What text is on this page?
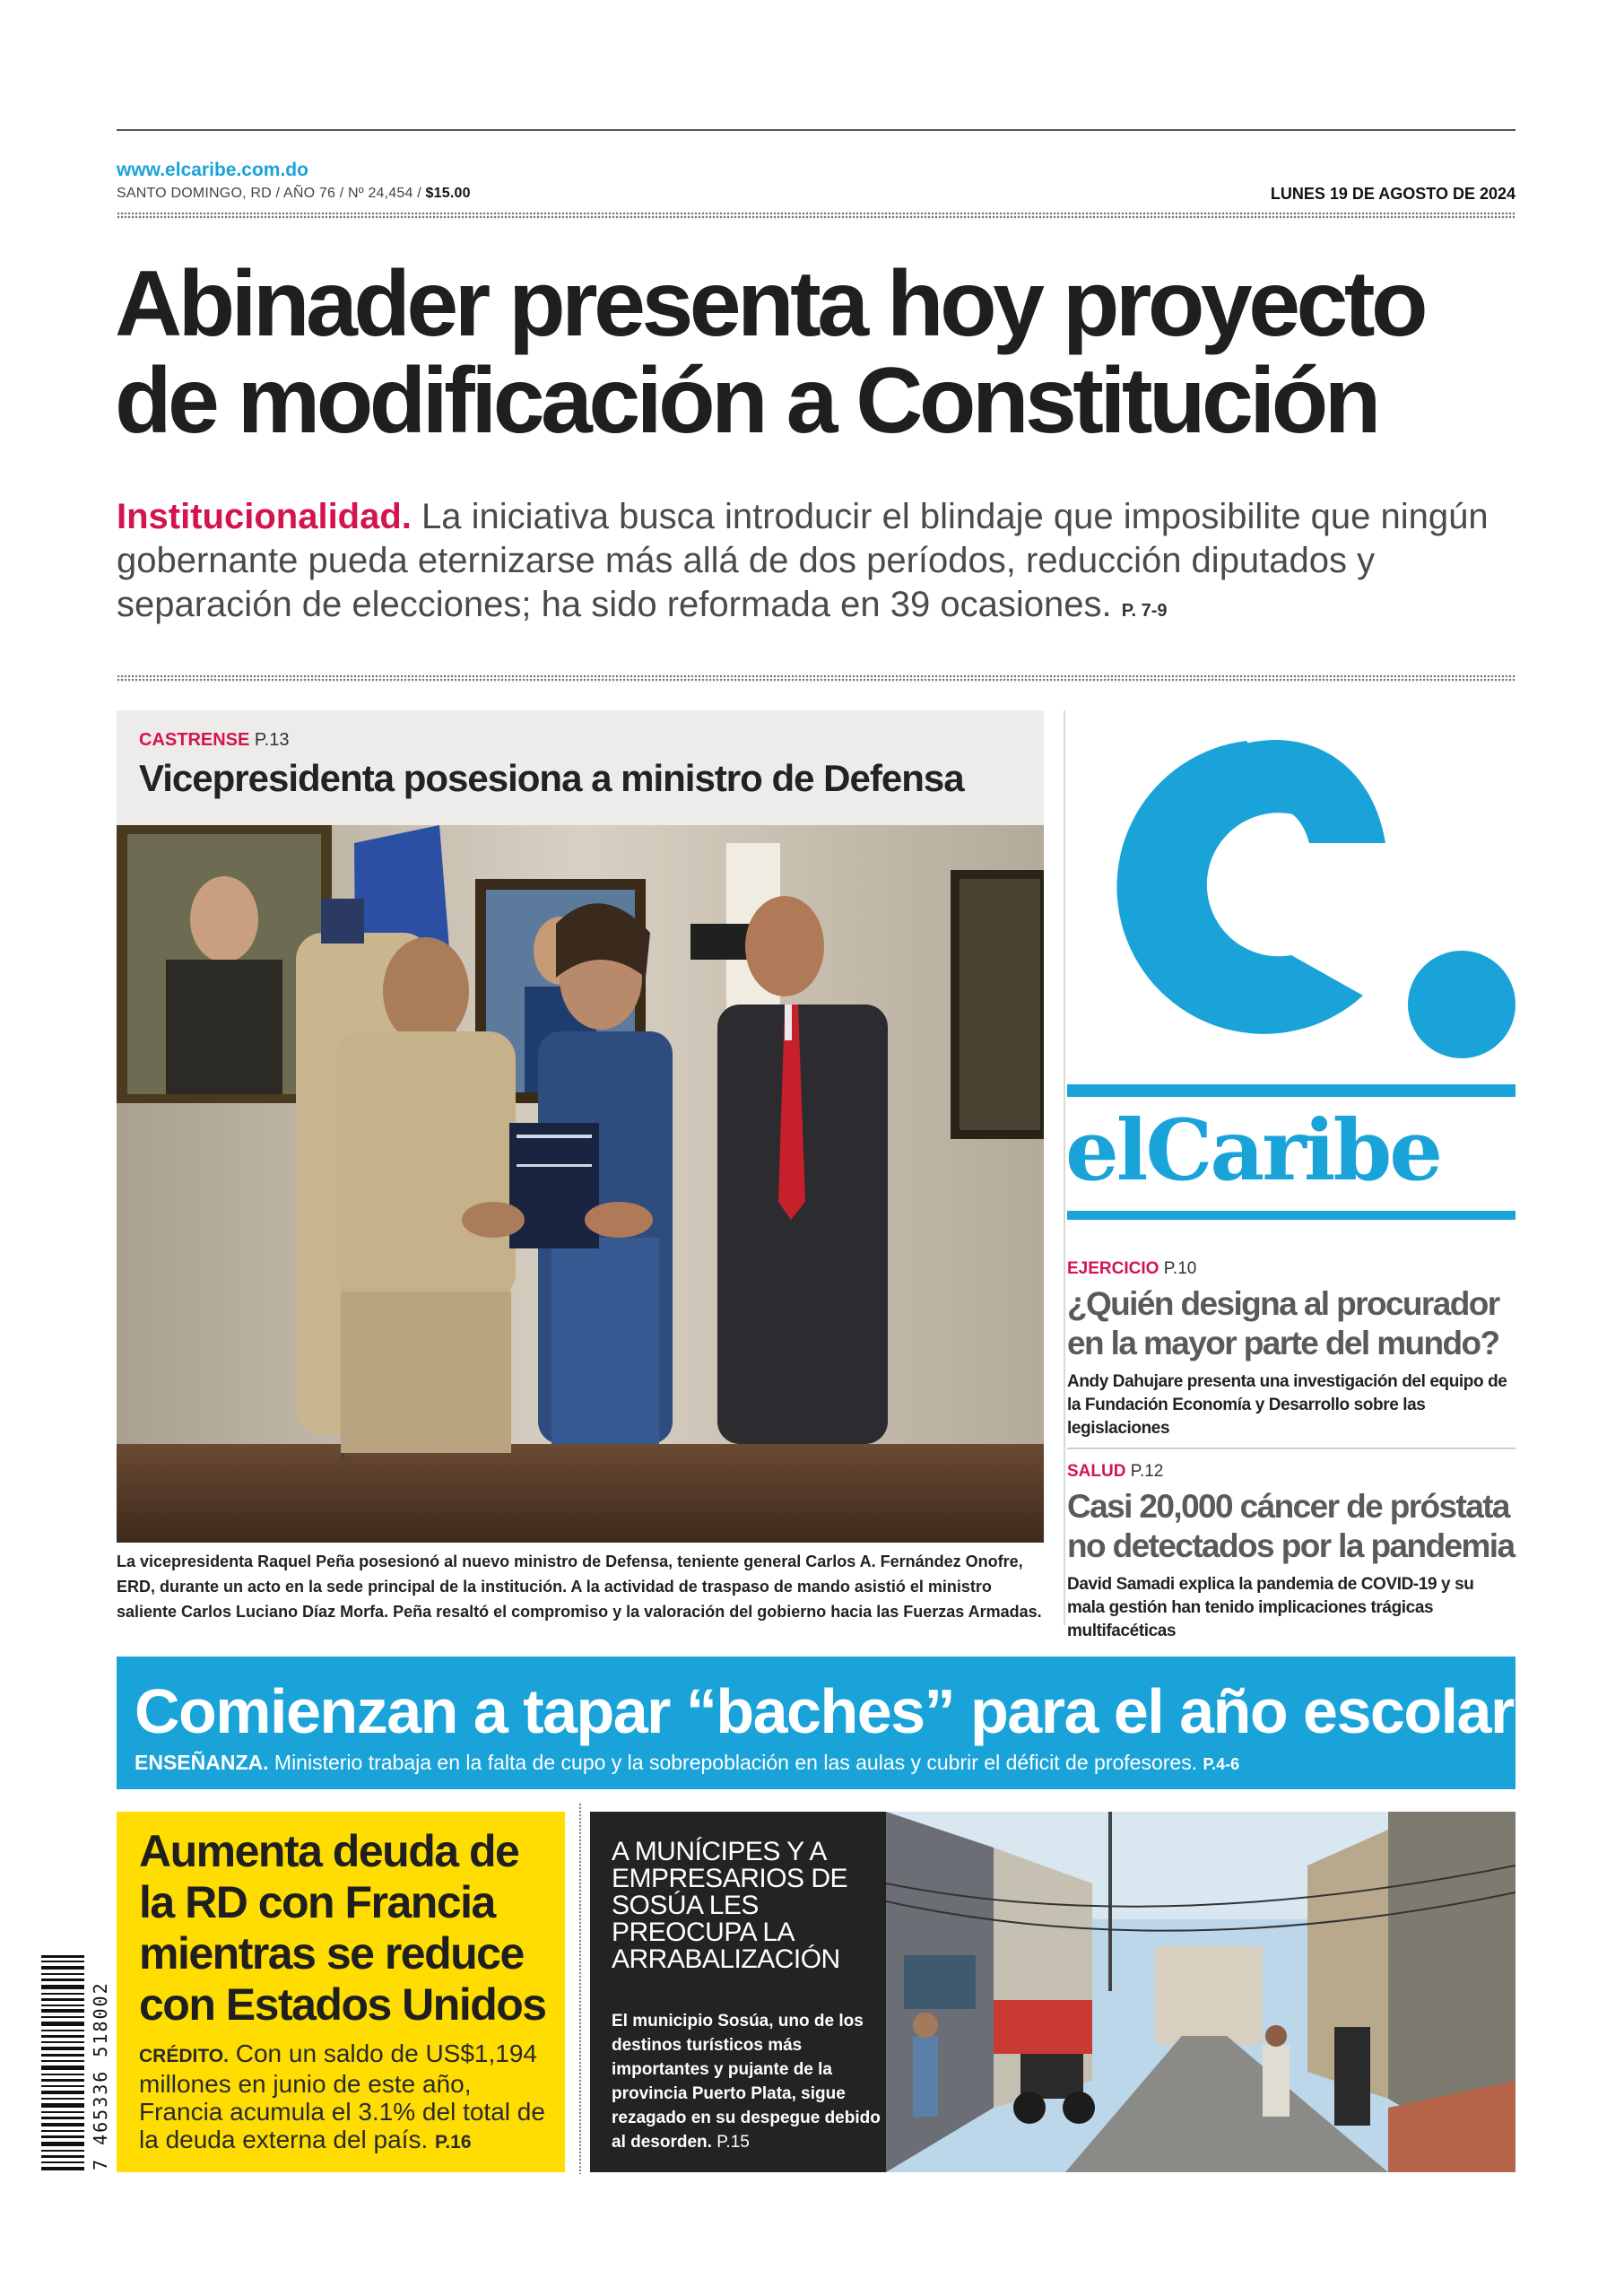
www.elcaribe.com.do
SANTO DOMINGO, RD / AÑO 76 / Nº 24,454 / $15.00	LUNES 19 DE AGOSTO DE 2024
Abinader presenta hoy proyecto
de modificación a Constitución
Institucionalidad. La iniciativa busca introducir el blindaje que imposibilite que ningún gobernante pueda eternizarse más allá de dos períodos, reducción diputados y separación de elecciones; ha sido reformada en 39 ocasiones. P. 7-9
CASTRENSE P.13
Vicepresidenta posesiona a ministro de Defensa
La vicepresidenta Raquel Peña posesionó al nuevo ministro de Defensa, teniente general Carlos A. Fernández Onofre, ERD, durante un acto en la sede principal de la institución. A la actividad de traspaso de mando asistió el ministro saliente Carlos Luciano Díaz Morfa. Peña resaltó el compromiso y la valoración del gobierno hacia las Fuerzas Armadas.
elCaribe
EJERCICIO P.10
¿Quién designa al procurador en la mayor parte del mundo?
Andy Dahujare presenta una investigación del equipo de la Fundación Economía y Desarrollo sobre las legislaciones
SALUD P.12
Casi 20,000 cáncer de próstata no detectados por la pandemia
David Samadi explica la pandemia de COVID-19 y su mala gestión han tenido implicaciones trágicas multifacéticas
Comienzan a tapar “baches” para el año escolar
ENSEÑANZA. Ministerio trabaja en la falta de cupo y la sobrepoblación en las aulas y cubrir el déficit de profesores. P.4-6
Aumenta deuda de la RD con Francia mientras se reduce con Estados Unidos
CRÉDITO. Con un saldo de US$1,194 millones en junio de este año, Francia acumula el 3.1% del total de la deuda externa del país. P.16
A MUNÍCIPES Y A EMPRESARIOS DE SOSÚA LES PREOCUPA LA ARRABALIZACIÓN
El municipio Sosúa, uno de los destinos turísticos más importantes y pujante de la provincia Puerto Plata, sigue rezagado en su despegue debido al desorden. P.15
7 465336 518002
